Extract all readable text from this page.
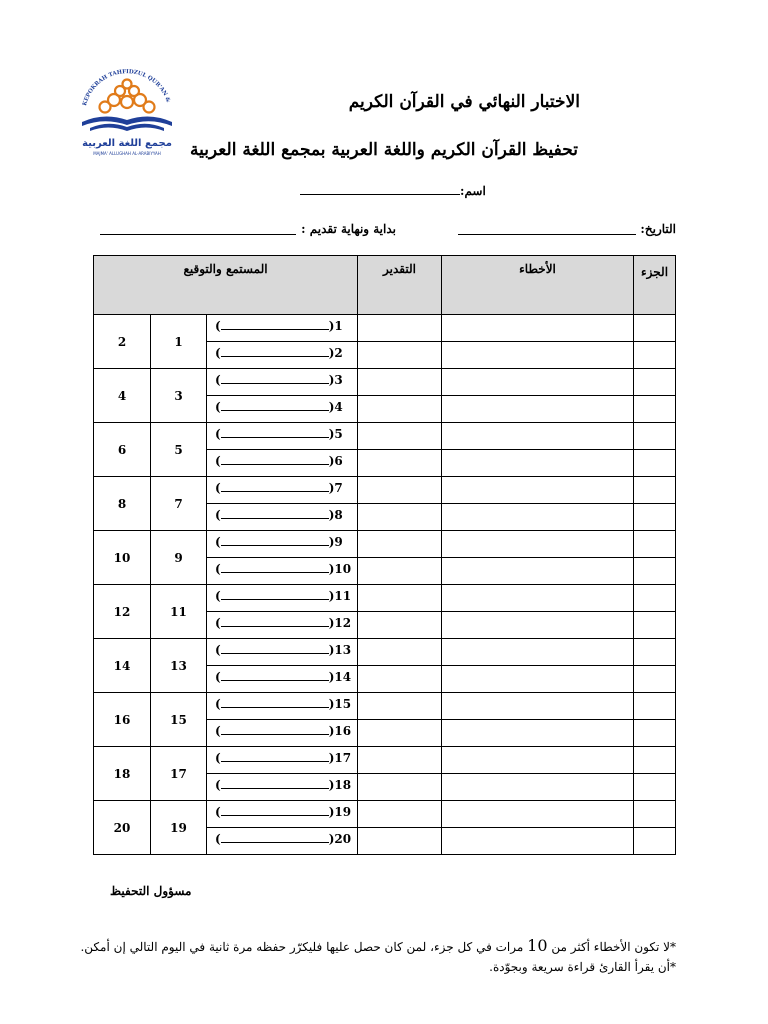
KEPOKRAH TAHFIDZUL QUR'AN &
مجمع اللغة العربية
MAJMA' ALLUGHAH AL-ARABIYYAH
الاختبار النهائي في القرآن الكريم
تحفيظ القرآن الكريم واللغة العربية بمجمع اللغة العربية
:اسم
التاريخ:
بداية ونهاية تقديم :
المستمع والتوقيع			التقدير	الأخطاء	الجزء
2	1	( )1			

		( )2			

4	3	( )3			

		( )4			

6	5	( )5			

		( )6			

8	7	( )7			

		( )8			

10	9	( )9			

		( )10			

12	11	( )11			

		( )12			

14	13	( )13			

		( )14			

16	15	( )15			

		( )16			

18	17	( )17			

		( )18			

20	19	( )19			

		( )20			

مسؤول التحفيظ
*لا تكون الأخطاء أكثر من 10 مرات في كل جزء، لمن كان حصل عليها فليكرّر حفظه مرة ثانية في اليوم التالي إن أمكن.
*أن يقرأ القارئ قراءة سريعة وبجوّدة.
